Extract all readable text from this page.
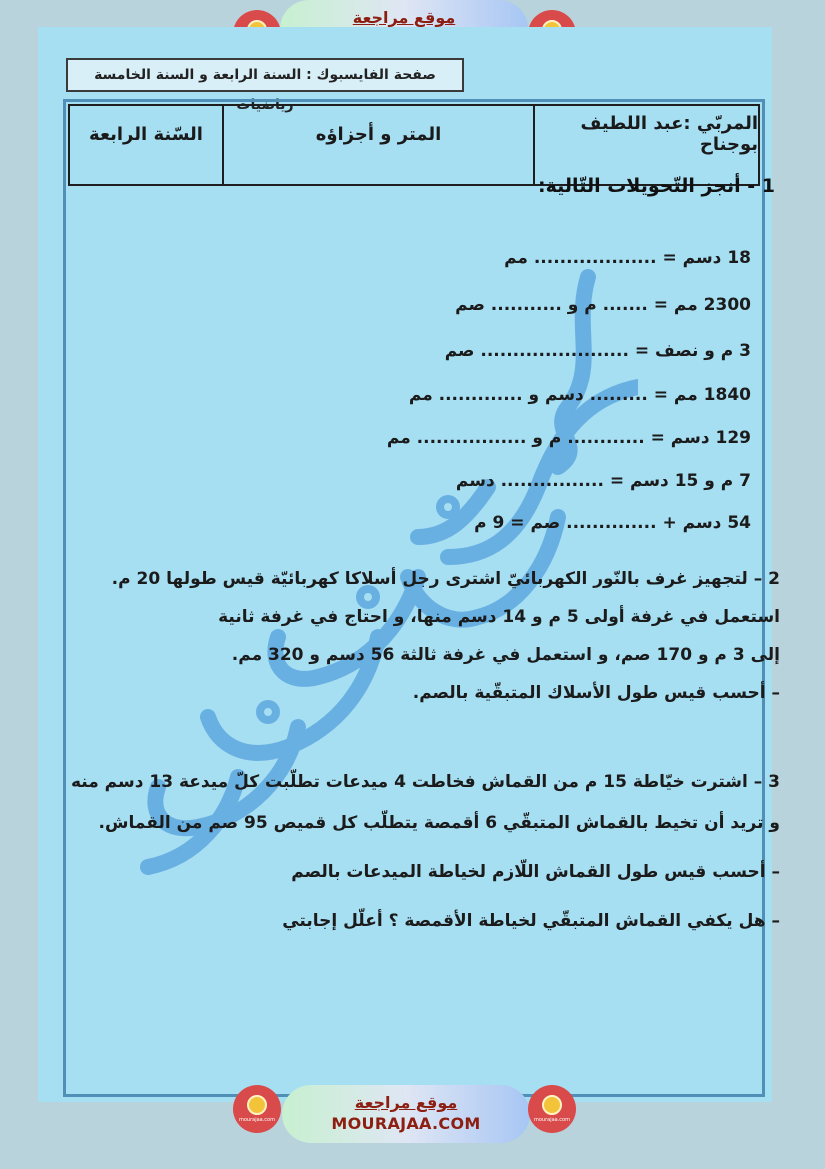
موقع مراجعة
صفحة الفايسبوك : السنة الرابعة و السنة الخامسة رياضيات
المربّي :عبد اللطيف بوجناح
المتر و أجزاؤه
السّنة الرابعة
1 - أنجز التّحويلات التّالية:
18 دسم = ................... مم
2300 مم = ....... م و ........... صم
3 م و نصف = ....................... صم
1840 مم = ......... دسم و ............. مم
129 دسم = ............ م و ................. مم
7 م و 15 دسم = ................ دسم
54 دسم + .............. صم = 9 م

2 – لتجهيز غرف بالنّور الكهربائيّ اشترى رجل أسلاكا كهربائيّة قيس طولها 20 م.

استعمل في غرفة أولى 5 م و 14 دسم منها، و احتاج في غرفة ثانية

إلى 3 م و 170 صم، و استعمل في غرفة ثالثة 56 دسم و 320 مم.

– أحسب قيس طول الأسلاك المتبقّية بالصم.

3 – اشترت خيّاطة 15 م من القماش فخاطت 4 ميدعات تطلّبت كلّ ميدعة 13 دسم منه

و تريد أن تخيط بالقماش المتبقّي 6 أقمصة يتطلّب كل قميص 95 صم من القماش.

– أحسب قيس طول القماش اللّازم لخياطة الميدعات بالصم

– هل يكفي القماش المتبقّي لخياطة الأقمصة ؟ أعلّل إجابتي

mourajaa.com
موقع مراجعة
MOURAJAA.COM	mourajaa.com
